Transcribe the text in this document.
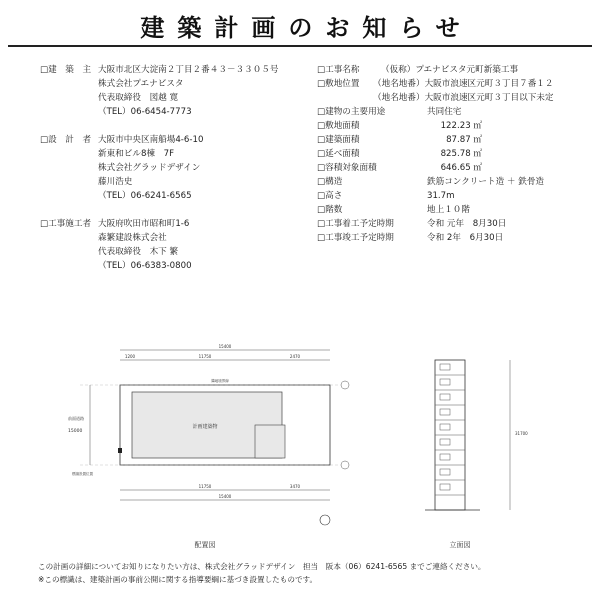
建築計画のお知らせ
□建　築　主 大阪市北区大淀南２丁目２番４３－３３０５号
株式会社プエナビスタ
代表取締役　図越 寛
（TEL）06-6454-7773
□設　計　者 大阪市中央区南船場4-6-10
新東和ビル8棟　7F
株式会社グラッドデザイン
藤川浩史
（TEL）06-6241-6565
□工事施工者 大阪府吹田市昭和町1-6
森繁建設株式会社
代表取締役　木下 繁
（TEL）06-6383-0800
□工事名称	（仮称）プエナビスタ元町新築工事
□敷地位置	（地名地番）大阪市浪速区元町３丁目７番１２
（地名地番）大阪市浪速区元町３丁目以下未定
□建物の主要用途	共同住宅
□敷地面積	122.23 ㎡
□建築面積	87.87 ㎡
□延べ面積	825.78 ㎡
□容積対象面積	646.65 ㎡
□構造	鉄筋コンクリート造 ＋ 鉄骨造
□高さ	31.7m
□階数	地上１０階
□工事着工予定時期	令和 元年　8月30日
□工事竣工予定時期	令和 2年　6月30日
15400
1200	11750	2470
隣地境界線
計画建築物
前面道路
15000
標識設置位置
11750	3470
15400
配置図
31700
立面図
この計画の詳細についてお知りになりたい方は、株式会社グラッドデザイン　担当　阪本（06）6241-6565 までご連絡ください。
※この標識は、建築計画の事前公開に関する指導要綱に基づき設置したものです。
